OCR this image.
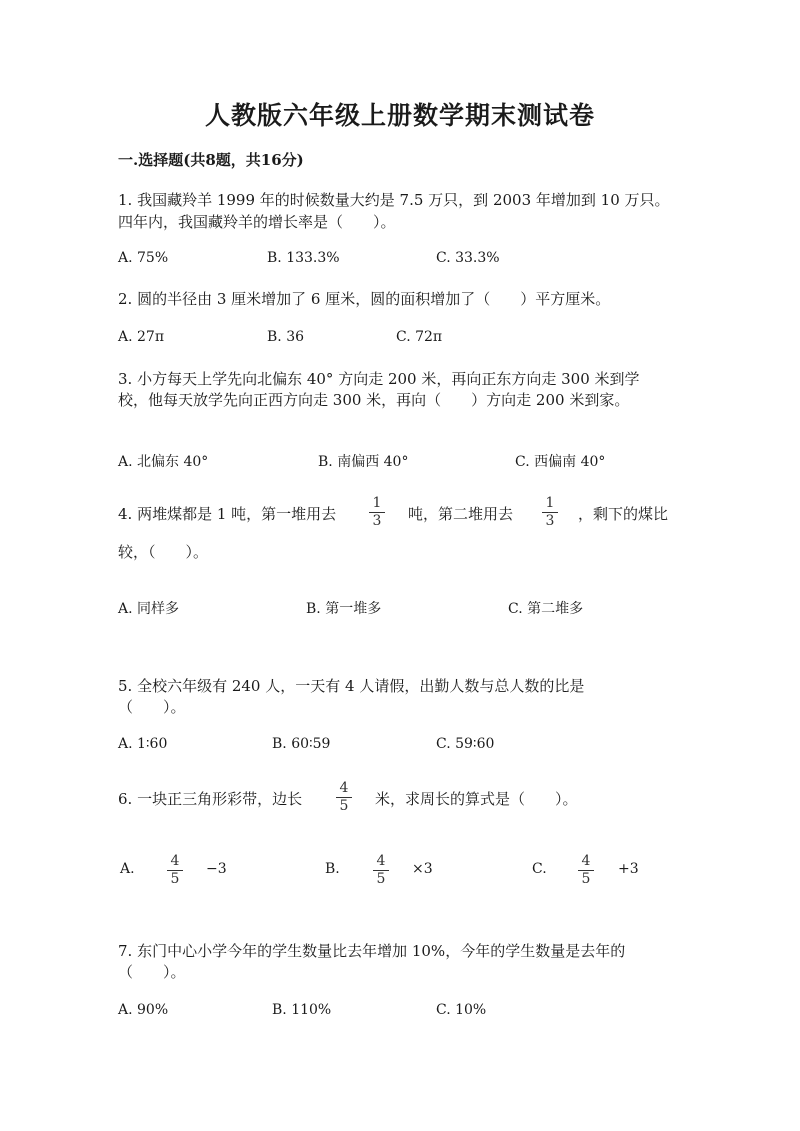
人教版六年级上册数学期末测试卷
一.选择题(共8题，共16分)
1. 我国藏羚羊 1999 年的时候数量大约是 7.5 万只，到 2003 年增加到 10 万只。
四年内，我国藏羚羊的增长率是（　　）。
A. 75%	B. 133.3%	C. 33.3%
2. 圆的半径由 3 厘米增加了 6 厘米，圆的面积增加了（　　）平方厘米。
A. 27π	B. 36	C. 72π
3. 小方每天上学先向北偏东 40° 方向走 200 米，再向正东方向走 300 米到学
校，他每天放学先向正西方向走 300 米，再向（　　）方向走 200 米到家。
A. 北偏东 40°	B. 南偏西 40°	C. 西偏南 40°
4. 两堆煤都是 1 吨，第一堆用去
1
3	吨，第二堆用去
1
3	，剩下的煤比
较，（　　）。
A. 同样多	B. 第一堆多	C. 第二堆多
5. 全校六年级有 240 人，一天有 4 人请假，出勤人数与总人数的比是
（　　）。
A. 1∶60	B. 60∶59	C. 59∶60
6. 一块正三角形彩带，边长
4
5	米，求周长的算式是（　　）。
A.	4
5
−3	B.	4
5
×3	C.	4
5
+3
7. 东门中心小学今年的学生数量比去年增加 10%，今年的学生数量是去年的
（　　）。
A. 90%	B. 110%	C. 10%
